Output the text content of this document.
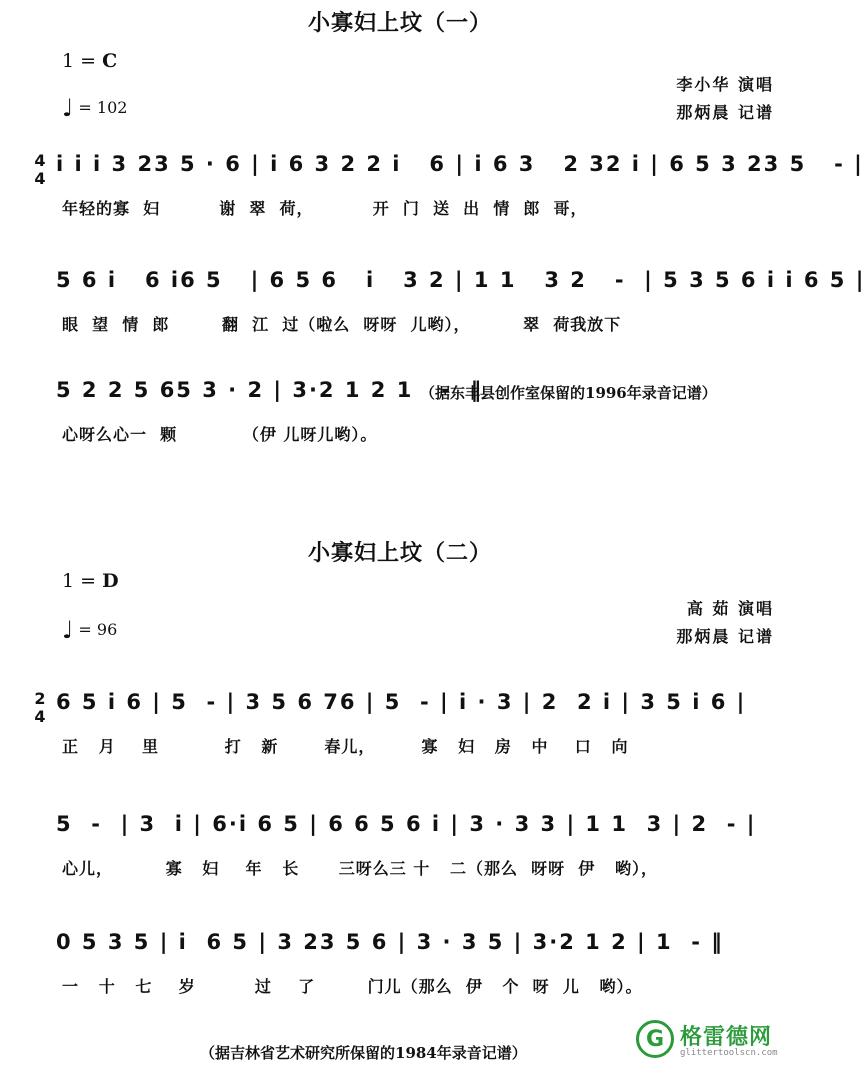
小寡妇上坟（一）
1 = C
♩ = 102
李小华 演唱
那炳晨 记谱
4
4
i i i 3 23 5 · 6 | i 6 3 2 2 i   6 | i 6 3   2 32 i | 6 5 3 23 5   - |
年轻的寡  妇         谢  翠  荷，         开  门  送  出  情  郎  哥，
5 6 i   6 i6 5   | 6 5 6   i   3 2 | 1 1   3 2   -  | 5 3 5 6 i i 6 5 |
眼  望  情  郎        翻  江  过（啦么  呀呀  儿哟），        翠  荷我放下
5 2 2 5 65 3 · 2 | 3·2 1 2 1   -  ‖
心呀么心一  颗          （伊 儿呀儿哟）。
（据东丰县创作室保留的1996年录音记谱）
小寡妇上坟（二）
1 = D
♩ = 96
高 茹 演唱
那炳晨 记谱
2
4
6 5 i 6 | 5  - | 3 5 6 76 | 5  - | i · 3 | 2  2 i | 3 5 i 6 |
正   月    里          打   新       春儿，       寡   妇   房   中    口   向
5  -  | 3  i | 6·i 6 5 | 6 6 5 6 i | 3 · 3 3 | 1 1  3 | 2  - |
心儿，        寡   妇    年   长      三呀么三 十   二（那么  呀呀  伊   哟），
0 5 3 5 | i  6 5 | 3 23 5 6 | 3 · 3 5 | 3·2 1 2 | 1  - ‖
一   十   七    岁         过    了        门儿（那么  伊   个  呀  儿   哟）。
（据吉林省艺术研究所保留的1984年录音记谱）
G 格雷德网
glittertoolscn.com
